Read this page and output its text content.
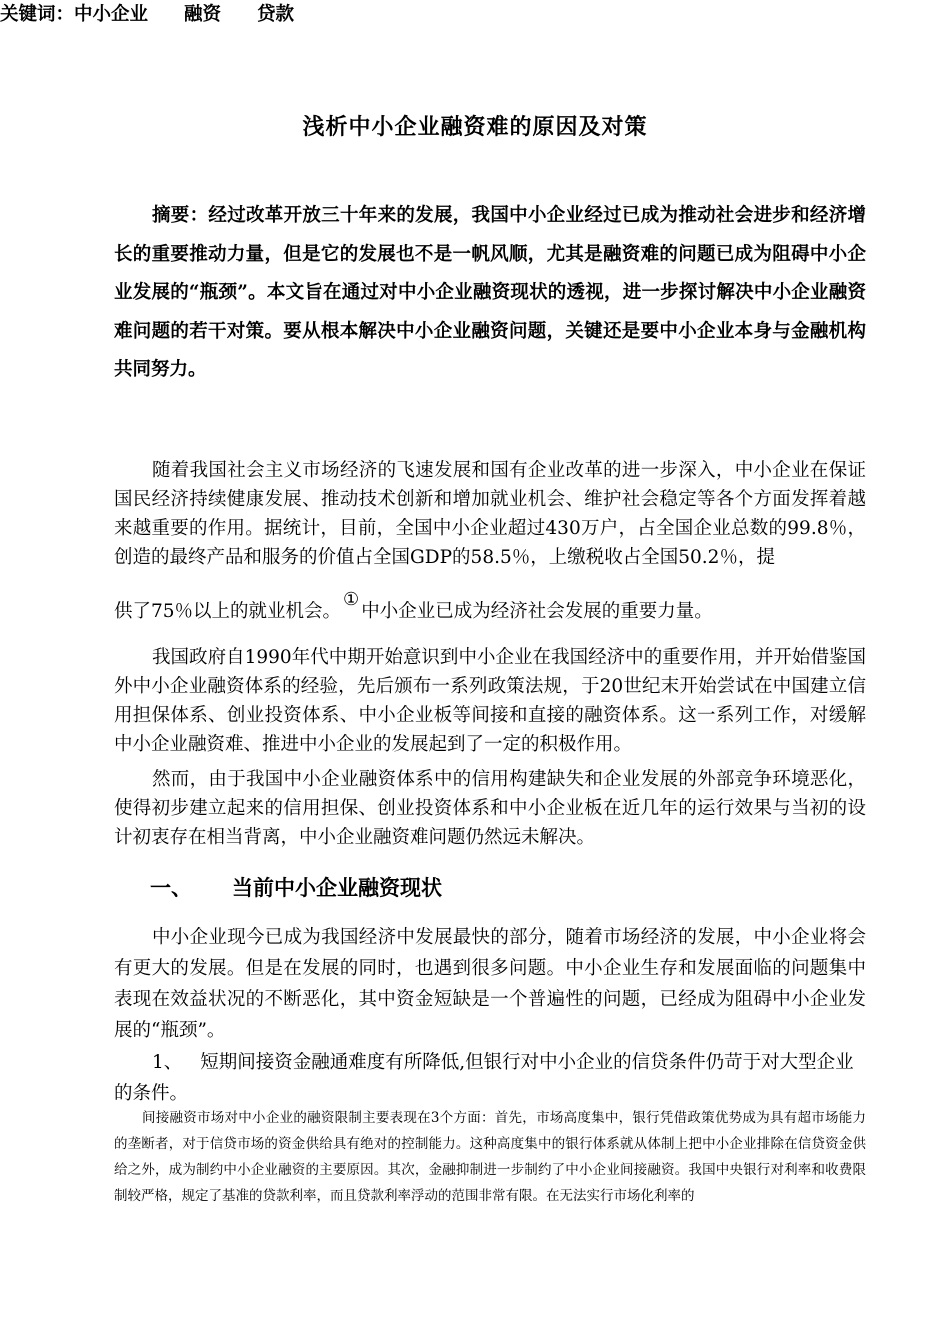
浅析中小企业融资难的原因及对策
摘要：经过改革开放三十年来的发展，我国中小企业经过已成为推动社会进步和经济增长的重要推动力量，但是它的发展也不是一帆风顺，尤其是融资难的问题已成为阻碍中小企业发展的“瓶颈”。本文旨在通过对中小企业融资现状的透视，进一步探讨解决中小企业融资难问题的若干对策。要从根本解决中小企业融资问题，关键还是要中小企业本身与金融机构共同努力。
关键词：中小企业 融资 贷款
随着我国社会主义市场经济的飞速发展和国有企业改革的进一步深入，中小企业在保证国民经济持续健康发展、推动技术创新和增加就业机会、维护社会稳定等各个方面发挥着越来越重要的作用。据统计，目前，全国中小企业超过430万户，占全国企业总数的99.8％，创造的最终产品和服务的价值占全国GDP的58.5％，上缴税收占全国50.2％，提
供了75％以上的就业机会。①中小企业已成为经济社会发展的重要力量。
我国政府自1990年代中期开始意识到中小企业在我国经济中的重要作用，并开始借鉴国外中小企业融资体系的经验，先后颁布一系列政策法规，于20世纪末开始尝试在中国建立信用担保体系、创业投资体系、中小企业板等间接和直接的融资体系。这一系列工作，对缓解中小企业融资难、推进中小企业的发展起到了一定的积极作用。
然而，由于我国中小企业融资体系中的信用构建缺失和企业发展的外部竞争环境恶化，使得初步建立起来的信用担保、创业投资体系和中小企业板在近几年的运行效果与当初的设计初衷存在相当背离，中小企业融资难问题仍然远未解决。
一、 当前中小企业融资现状
中小企业现今已成为我国经济中发展最快的部分，随着市场经济的发展，中小企业将会有更大的发展。但是在发展的同时，也遇到很多问题。中小企业生存和发展面临的问题集中表现在效益状况的不断恶化，其中资金短缺是一个普遍性的问题，已经成为阻碍中小企业发展的“瓶颈”。
1、 短期间接资金融通难度有所降低,但银行对中小企业的信贷条件仍苛于对大型企业的条件。
间接融资市场对中小企业的融资限制主要表现在3个方面：首先，市场高度集中，银行凭借政策优势成为具有超市场能力的垄断者，对于信贷市场的资金供给具有绝对的控制能力。这种高度集中的银行体系就从体制上把中小企业排除在信贷资金供给之外，成为制约中小企业融资的主要原因。其次，金融抑制进一步制约了中小企业间接融资。我国中央银行对利率和收费限制较严格，规定了基准的贷款利率，而且贷款利率浮动的范围非常有限。在无法实行市场化利率的
